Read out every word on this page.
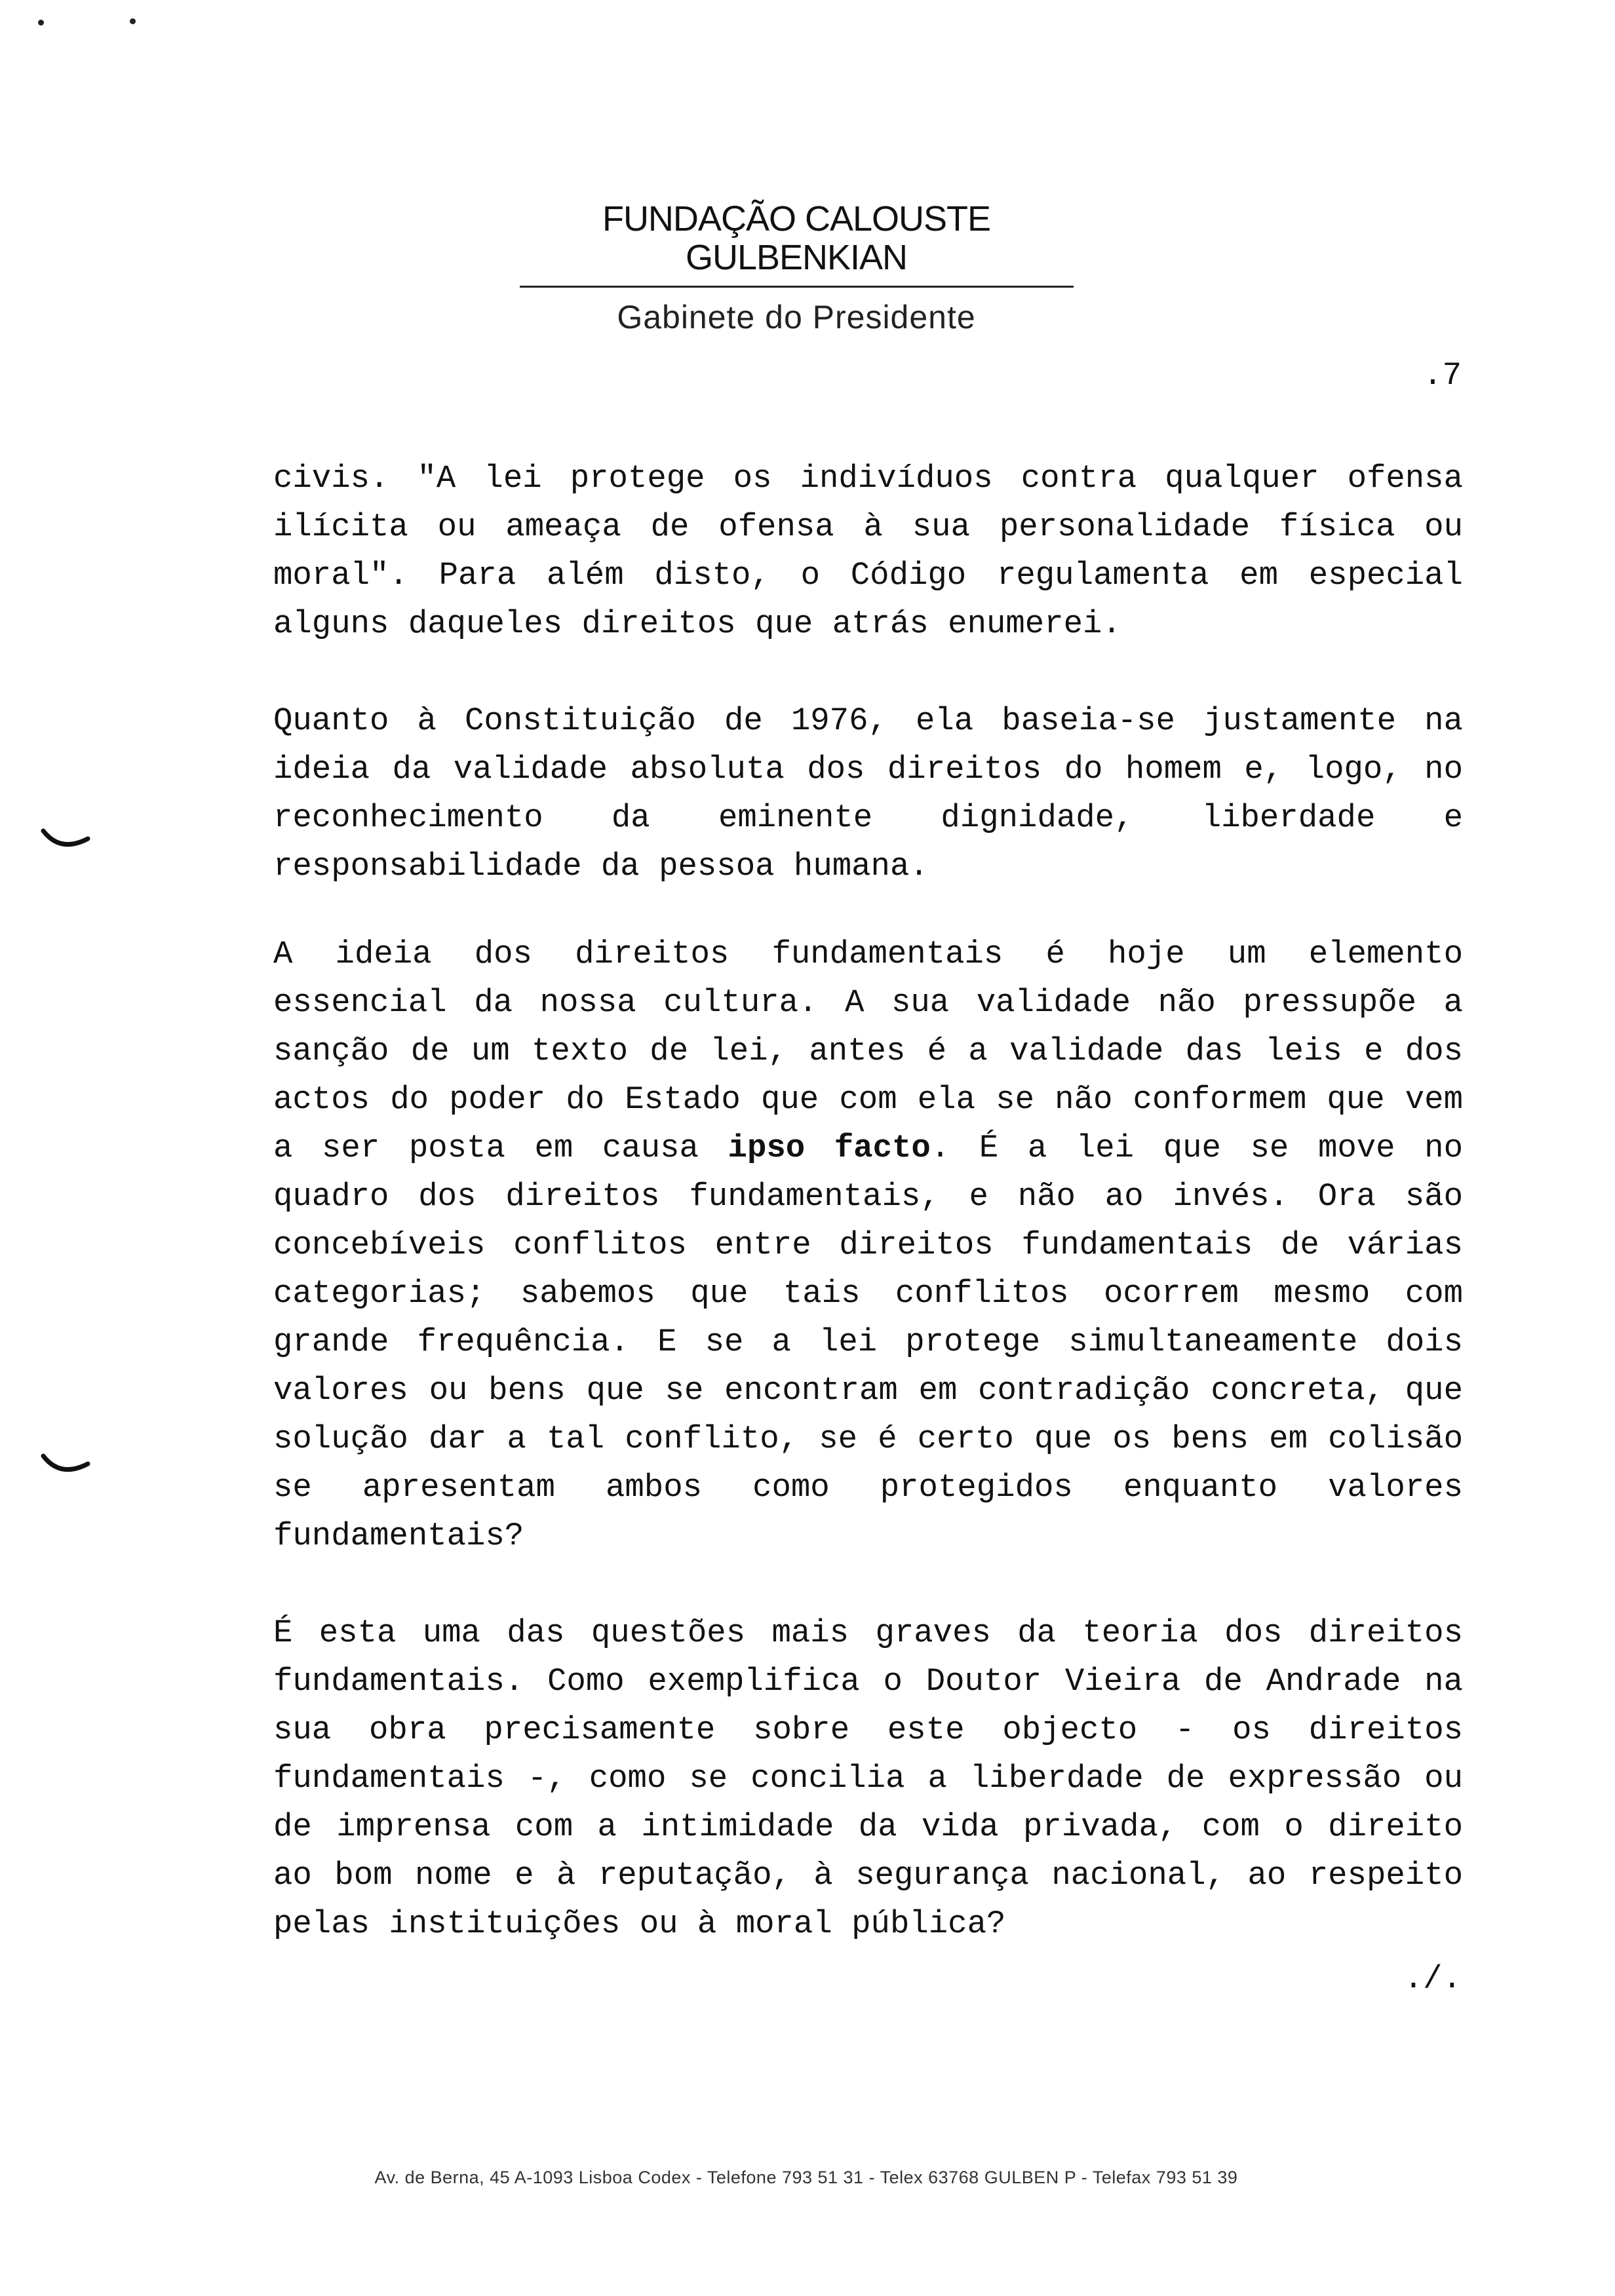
FUNDAÇÃO CALOUSTE GULBENKIAN
Gabinete do Presidente
.7

civis. "A lei protege os indivíduos contra qualquer ofensa ilícita ou ameaça de ofensa à sua personalidade física ou moral". Para além disto, o Código regulamenta em especial alguns daqueles direitos que atrás enumerei.

Quanto à Constituição de 1976, ela baseia-se justamente na ideia da validade absoluta dos direitos do homem e, logo, no reconhecimento da eminente dignidade, liberdade e responsabilidade da pessoa humana.

A ideia dos direitos fundamentais é hoje um elemento essencial da nossa cultura. A sua validade não pressupõe a sanção de um texto de lei, antes é a validade das leis e dos actos do poder do Estado que com ela se não conformem que vem a ser posta em causa ipso facto. É a lei que se move no quadro dos direitos fundamentais, e não ao invés. Ora são concebíveis conflitos entre direitos fundamentais de várias categorias; sabemos que tais conflitos ocorrem mesmo com grande frequência. E se a lei protege simultaneamente dois valores ou bens que se encontram em contradição concreta, que solução dar a tal conflito, se é certo que os bens em colisão se apresentam ambos como protegidos enquanto valores fundamentais?

É esta uma das questões mais graves da teoria dos direitos fundamentais. Como exemplifica o Doutor Vieira de Andrade na sua obra precisamente sobre este objecto - os direitos fundamentais -, como se concilia a liberdade de expressão ou de imprensa com a intimidade da vida privada, com o direito ao bom nome e à reputação, à segurança nacional, ao respeito pelas instituições ou à moral pública?

./.
Av. de Berna, 45 A-1093 Lisboa Codex - Telefone 793 51 31 - Telex 63768 GULBEN P - Telefax 793 51 39
